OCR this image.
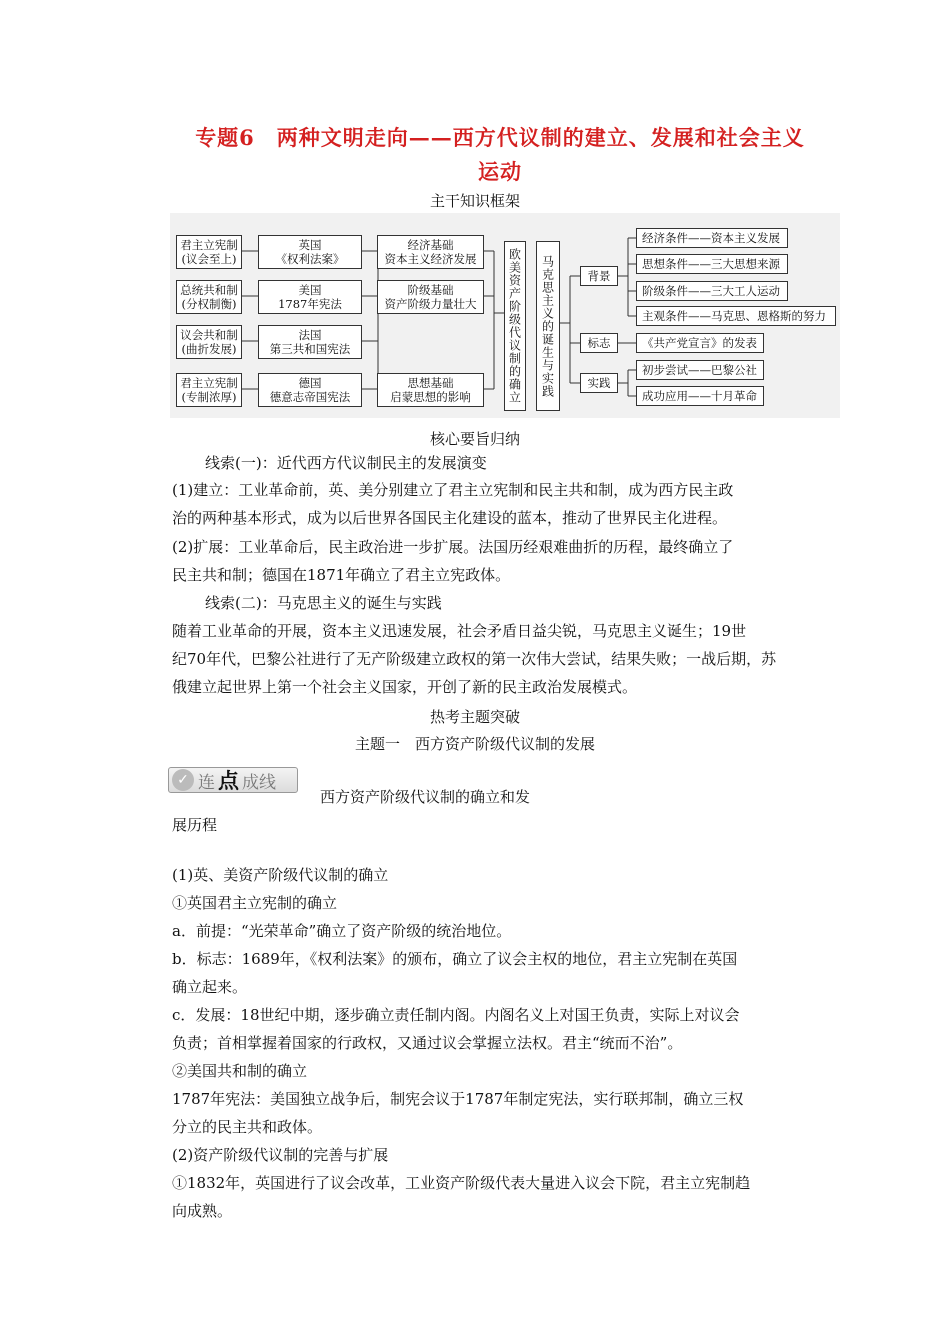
专题6　两种文明走向——西方代议制的建立、发展和社会主义
运动
主干知识框架
君主立宪制
(议会至上)
总统共和制
(分权制衡)
议会共和制
(曲折发展)
君主立宪制
(专制浓厚)
英国
《权利法案》
美国
1787年宪法
法国
第三共和国宪法
德国
德意志帝国宪法
经济基础
资本主义经济发展
阶级基础
资产阶级力量壮大
思想基础
启蒙思想的影响	欧美资产阶级代议制的确立	马克思主义的诞生与实践	背景
标志
实践
经济条件——资本主义发展
思想条件——三大思想来源
阶级条件——三大工人运动
主观条件——马克思、恩格斯的努力
《共产党宣言》的发表
初步尝试——巴黎公社
成功应用——十月革命
核心要旨归纳
线索(一)：近代西方代议制民主的发展演变
(1)建立：工业革命前，英、美分别建立了君主立宪制和民主共和制，成为西方民主政
治的两种基本形式，成为以后世界各国民主化建设的蓝本，推动了世界民主化进程。
(2)扩展：工业革命后，民主政治进一步扩展。法国历经艰难曲折的历程，最终确立了
民主共和制；德国在1871年确立了君主立宪政体。
线索(二)：马克思主义的诞生与实践
随着工业革命的开展，资本主义迅速发展，社会矛盾日益尖锐，马克思主义诞生；19世
纪70年代，巴黎公社进行了无产阶级建立政权的第一次伟大尝试，结果失败；一战后期，苏
俄建立起世界上第一个社会主义国家，开创了新的民主政治发展模式。
热考主题突破
主题一　西方资产阶级代议制的发展
✓ 连 点 成线
西方资产阶级代议制的确立和发
展历程
(1)英、美资产阶级代议制的确立
①英国君主立宪制的确立
a．前提：“光荣革命”确立了资产阶级的统治地位。
b．标志：1689年，《权利法案》的颁布，确立了议会主权的地位，君主立宪制在英国
确立起来。
c．发展：18世纪中期，逐步确立责任制内阁。内阁名义上对国王负责，实际上对议会
负责；首相掌握着国家的行政权，又通过议会掌握立法权。君主“统而不治”。
②美国共和制的确立
1787年宪法：美国独立战争后，制宪会议于1787年制定宪法，实行联邦制，确立三权
分立的民主共和政体。
(2)资产阶级代议制的完善与扩展
①1832年，英国进行了议会改革，工业资产阶级代表大量进入议会下院，君主立宪制趋
向成熟。
